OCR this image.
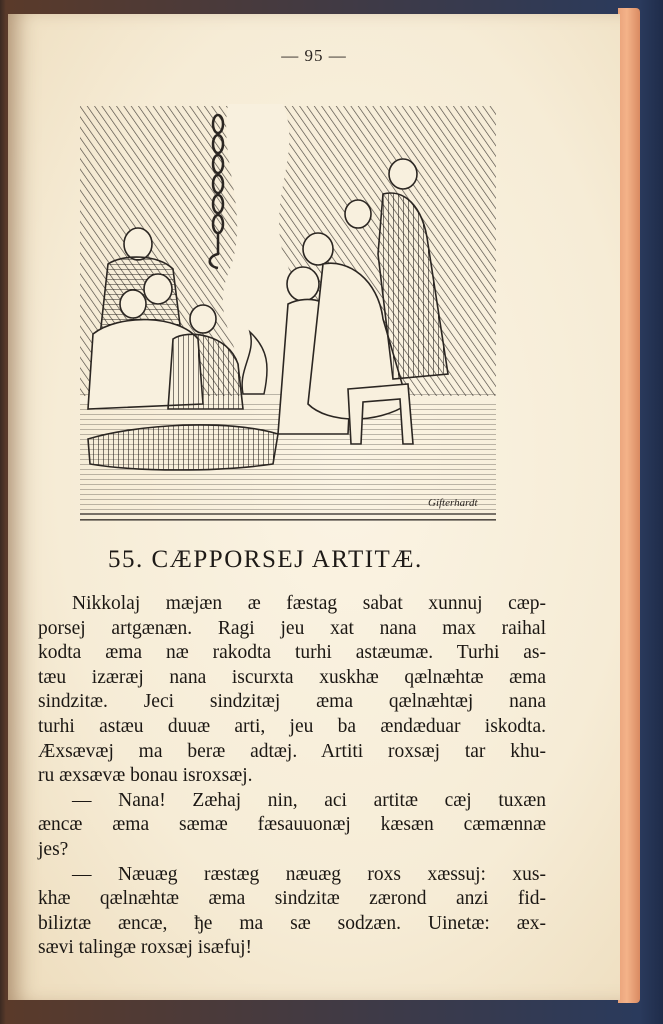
— 95 —
Gifterhardt
55. CÆPPORSEJ ARTITÆ.

Nikkolaj mæjæn æ fæstag sabat xunnuj cæp-
porsej artgænæn. Ragi jeu xat nana max raihal
kodta æma næ rakodta turhi astæumæ. Turhi as-
tæu izæræj nana iscurxta xuskhæ qælnæhtæ æma
sindzitæ. Jeci sindzitæj æma qælnæhtæj nana
turhi astæu duuæ arti, jeu ba ændæduar iskodta.
Æxsævæj ma beræ adtæj. Artiti roxsæj tar khu-
ru æxsævæ bonau isroxsæj.

— Nana! Zæhaj nin, aci artitæ cæj tuxæn
æncæ æma sæmæ fæsauuonæj kæsæn cæmænnæ
jes?

— Næuæg ræstæg næuæg roxs xæssuj: xus-
khæ qælnæhtæ æma sindzitæ zærond anzi fid-
biliztæ æncæ, ђe ma sæ sodzæn. Uinetæ: æx-
sævi talingæ roxsæj isæfuj!
